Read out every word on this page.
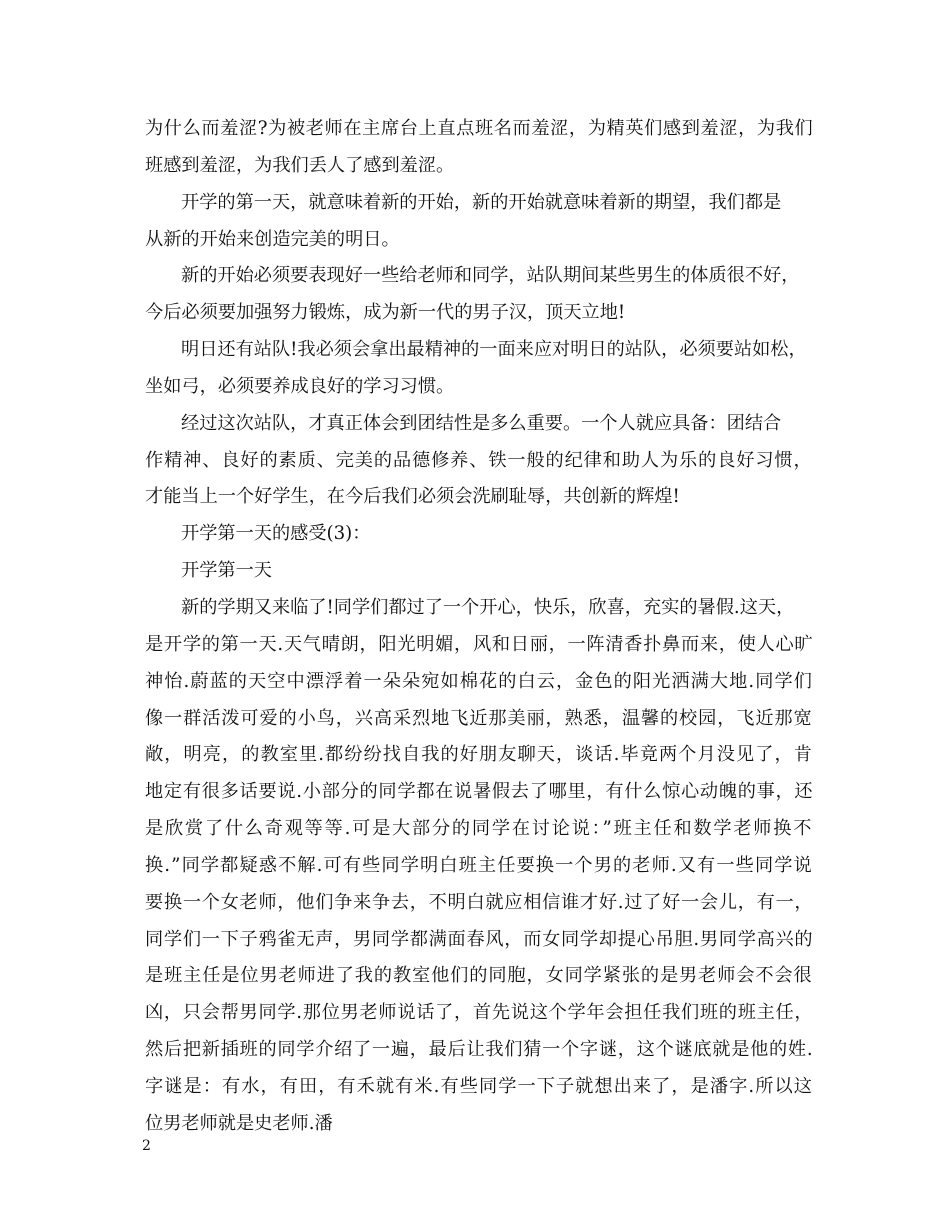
为什么而羞涩?为被老师在主席台上直点班名而羞涩，为精英们感到羞涩，为我们
班感到羞涩，为我们丢人了感到羞涩。
开学的第一天，就意味着新的开始，新的开始就意味着新的期望，我们都是
从新的开始来创造完美的明日。
新的开始必须要表现好一些给老师和同学，站队期间某些男生的体质很不好，
今后必须要加强努力锻炼，成为新一代的男子汉，顶天立地!
明日还有站队!我必须会拿出最精神的一面来应对明日的站队，必须要站如松，
坐如弓，必须要养成良好的学习习惯。
经过这次站队，才真正体会到团结性是多么重要。一个人就应具备：团结合
作精神、良好的素质、完美的品德修养、铁一般的纪律和助人为乐的良好习惯，
才能当上一个好学生，在今后我们必须会洗刷耻辱，共创新的辉煌!
开学第一天的感受(3)：
开学第一天
新的学期又来临了!同学们都过了一个开心，快乐，欣喜，充实的暑假.这天，
是开学的第一天.天气晴朗，阳光明媚，风和日丽，一阵清香扑鼻而来，使人心旷
神怡.蔚蓝的天空中漂浮着一朵朵宛如棉花的白云，金色的阳光洒满大地.同学们
像一群活泼可爱的小鸟，兴高采烈地飞近那美丽，熟悉，温馨的校园，飞近那宽
敞，明亮，的教室里.都纷纷找自我的好朋友聊天，谈话.毕竟两个月没见了，肯
地定有很多话要说.小部分的同学都在说暑假去了哪里，有什么惊心动魄的事，还
是欣赏了什么奇观等等.可是大部分的同学在讨论说：”班主任和数学老师换不
换.”同学都疑惑不解.可有些同学明白班主任要换一个男的老师.又有一些同学说
要换一个女老师，他们争来争去，不明白就应相信谁才好.过了好一会儿，有一，
同学们一下子鸦雀无声，男同学都满面春风，而女同学却提心吊胆.男同学高兴的
是班主任是位男老师进了我的教室他们的同胞，女同学紧张的是男老师会不会很
凶，只会帮男同学.那位男老师说话了，首先说这个学年会担任我们班的班主任，
然后把新插班的同学介绍了一遍，最后让我们猜一个字谜，这个谜底就是他的姓.
字谜是：有水，有田，有禾就有米.有些同学一下子就想出来了，是潘字.所以这
位男老师就是史老师.潘
2
